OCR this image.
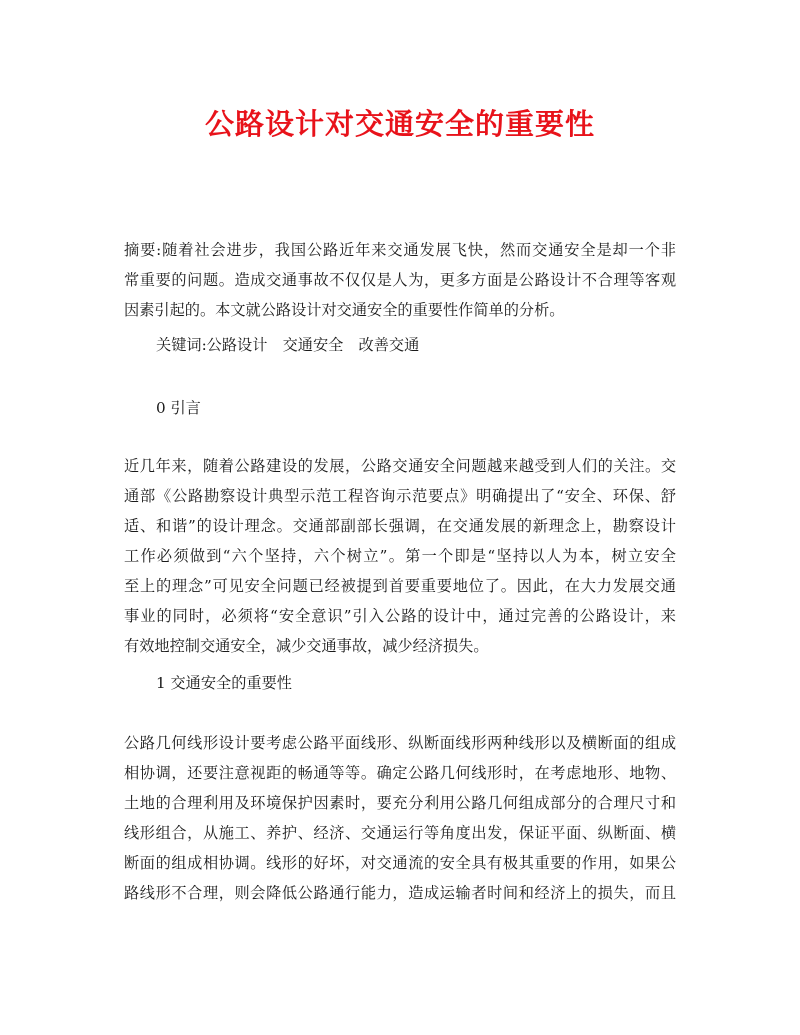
公路设计对交通安全的重要性
摘要:随着社会进步，我国公路近年来交通发展飞快，然而交通安全是却一个非
常重要的问题。造成交通事故不仅仅是人为，更多方面是公路设计不合理等客观
因素引起的。本文就公路设计对交通安全的重要性作简单的分析。
关键词:公路设计　交通安全　改善交通
0 引言
近几年来，随着公路建设的发展，公路交通安全问题越来越受到人们的关注。交
通部《公路勘察设计典型示范工程咨询示范要点》明确提出了“安全、环保、舒
适、和谐”的设计理念。交通部副部长强调，在交通发展的新理念上，勘察设计
工作必须做到“六个坚持，六个树立”。第一个即是“坚持以人为本，树立安全
至上的理念”可见安全问题已经被提到首要重要地位了。因此，在大力发展交通
事业的同时，必须将“安全意识”引入公路的设计中，通过完善的公路设计，来
有效地控制交通安全，减少交通事故，减少经济损失。
1 交通安全的重要性
公路几何线形设计要考虑公路平面线形、纵断面线形两种线形以及横断面的组成
相协调，还要注意视距的畅通等等。确定公路几何线形时，在考虑地形、地物、
土地的合理利用及环境保护因素时，要充分利用公路几何组成部分的合理尺寸和
线形组合，从施工、养护、经济、交通运行等角度出发，保证平面、纵断面、横
断面的组成相协调。线形的好坏，对交通流的安全具有极其重要的作用，如果公
路线形不合理，则会降低公路通行能力，造成运输者时间和经济上的损失，而且
